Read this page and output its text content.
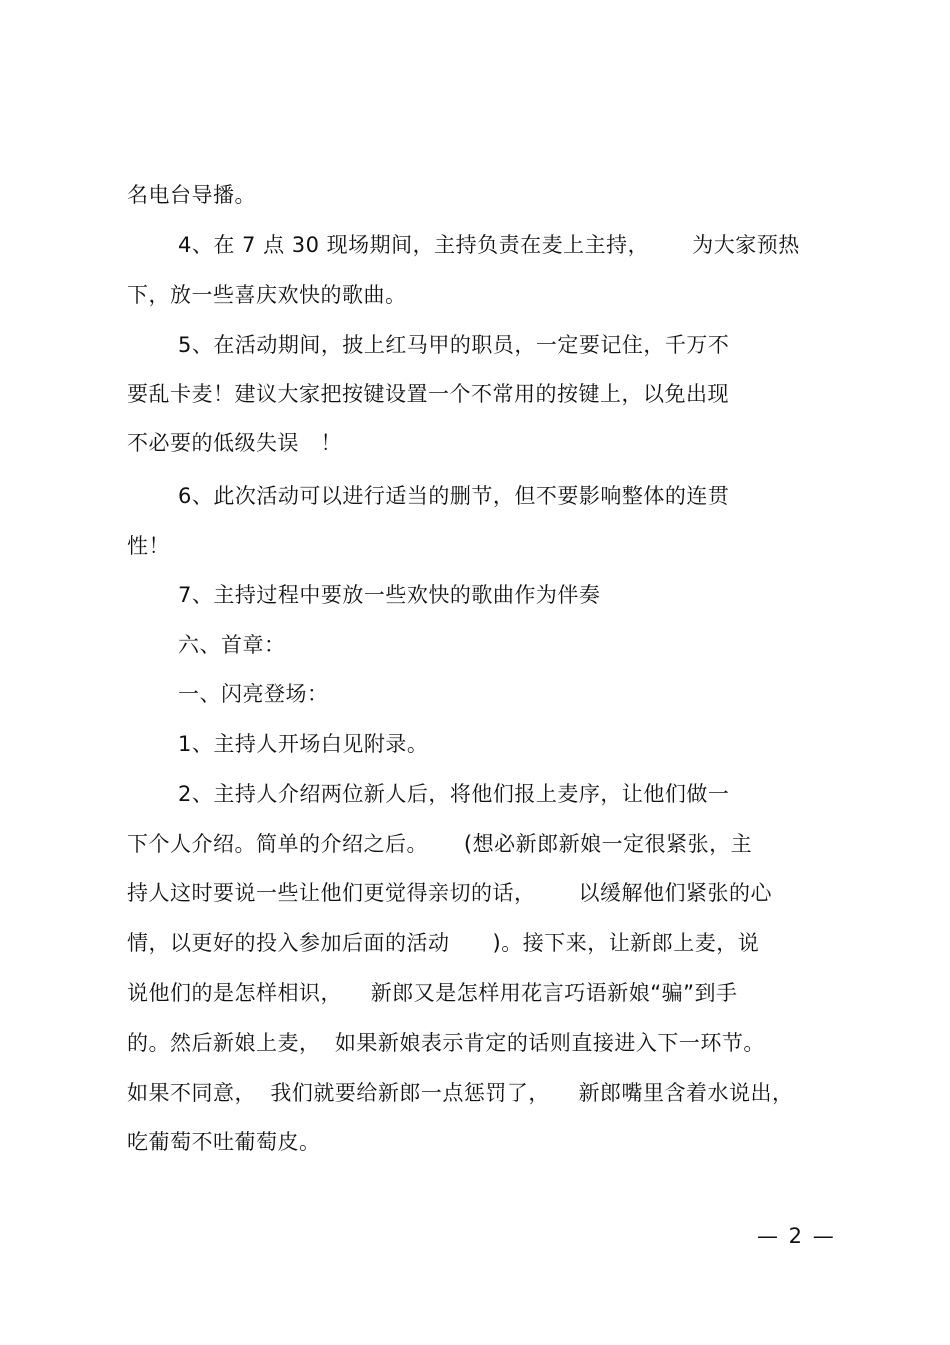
名电台导播。
4、在 7 点 30 现场期间，主持负责在麦上主持，      为大家预热
下，放一些喜庆欢快的歌曲。
5、在活动期间，披上红马甲的职员，一定要记住，千万不
要乱卡麦！建议大家把按键设置一个不常用的按键上，以免出现
不必要的低级失误   ！
6、此次活动可以进行适当的删节，但不要影响整体的连贯
性！
7、主持过程中要放一些欢快的歌曲作为伴奏
六、首章：
一、闪亮登场：
1、主持人开场白见附录。
2、主持人介绍两位新人后，将他们报上麦序，让他们做一
下个人介绍。简单的介绍之后。     (想必新郎新娘一定很紧张，主
持人这时要说一些让他们更觉得亲切的话，      以缓解他们紧张的心
情，以更好的投入参加后面的活动      )。接下来，让新郎上麦，说
说他们的是怎样相识，    新郎又是怎样用花言巧语新娘“骗”到手
的。然后新娘上麦，  如果新娘表示肯定的话则直接进入下一环节。
如果不同意，  我们就要给新郎一点惩罚了，    新郎嘴里含着水说出，
吃葡萄不吐葡萄皮。
— 2 —
